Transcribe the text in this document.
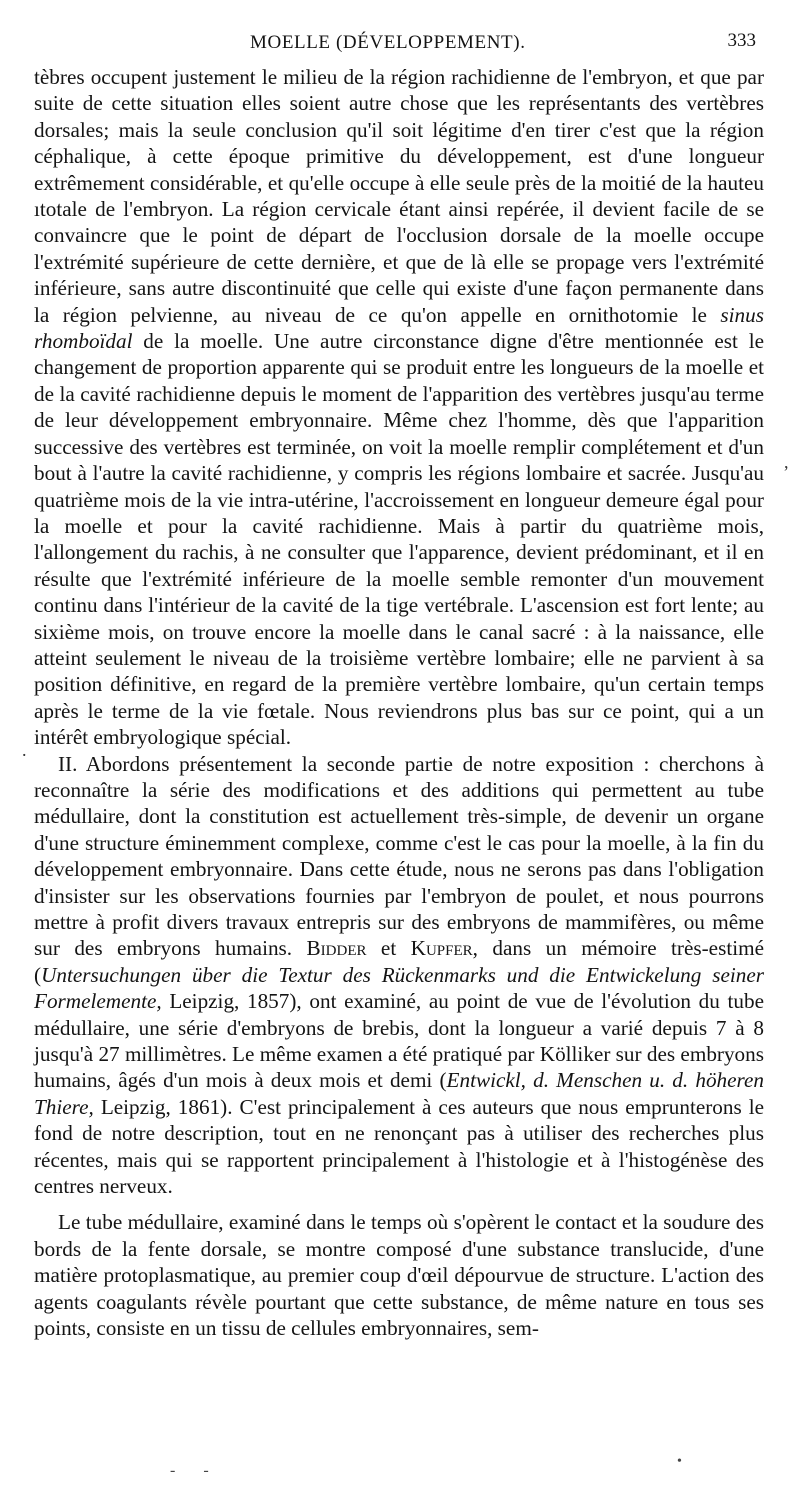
MOELLE (DÉVELOPPEMENT).	333

tèbres occupent justement le milieu de la région rachidienne de l'embryon, et que par suite de cette situation elles soient autre chose que les représentants des vertèbres dorsales; mais la seule conclusion qu'il soit légitime d'en tirer c'est que la région céphalique, à cette époque primitive du développement, est d'une longueur extrêmement considérable, et qu'elle occupe à elle seule près de la moitié de la hauteu ıtotale de l'embryon. La région cervicale étant ainsi repérée, il devient facile de se convaincre que le point de départ de l'occlusion dorsale de la moelle occupe l'extrémité supérieure de cette dernière, et que de là elle se propage vers l'extrémité inférieure, sans autre discontinuité que celle qui existe d'une façon permanente dans la région pelvienne, au niveau de ce qu'on appelle en ornithotomie le sinus rhomboïdal de la moelle. Une autre circonstance digne d'être mentionnée est le changement de proportion apparente qui se produit entre les longueurs de la moelle et de la cavité rachidienne depuis le moment de l'apparition des vertèbres jusqu'au terme de leur développement embryonnaire. Même chez l'homme, dès que l'apparition successive des vertèbres est terminée, on voit la moelle remplir complétement et d'un bout à l'autre la cavité rachidienne, y compris les régions lombaire et sacrée. Jusqu'au quatrième mois de la vie intra-utérine, l'accroissement en longueur demeure égal pour la moelle et pour la cavité rachidienne. Mais à partir du quatrième mois, l'allongement du rachis, à ne consulter que l'apparence, devient prédominant, et il en résulte que l'extrémité inférieure de la moelle semble remonter d'un mouvement continu dans l'intérieur de la cavité de la tige vertébrale. L'ascension est fort lente; au sixième mois, on trouve encore la moelle dans le canal sacré : à la naissance, elle atteint seulement le niveau de la troisième vertèbre lombaire; elle ne parvient à sa position définitive, en regard de la première vertèbre lombaire, qu'un certain temps après le terme de la vie fœtale. Nous reviendrons plus bas sur ce point, qui a un intérêt embryologique spécial.

II. Abordons présentement la seconde partie de notre exposition : cherchons à reconnaître la série des modifications et des additions qui permettent au tube médullaire, dont la constitution est actuellement très-simple, de devenir un organe d'une structure éminemment complexe, comme c'est le cas pour la moelle, à la fin du développement embryonnaire. Dans cette étude, nous ne serons pas dans l'obligation d'insister sur les observations fournies par l'embryon de poulet, et nous pourrons mettre à profit divers travaux entrepris sur des embryons de mammifères, ou même sur des embryons humains. Bidder et Kupfer, dans un mémoire très-estimé (Untersuchungen über die Textur des Rückenmarks und die Entwickelung seiner Formelemente, Leipzig, 1857), ont examiné, au point de vue de l'évolution du tube médullaire, une série d'embryons de brebis, dont la longueur a varié depuis 7 à 8 jusqu'à 27 millimètres. Le même examen a été pratiqué par Kölliker sur des embryons humains, âgés d'un mois à deux mois et demi (Entwickl, d. Menschen u. d. höheren Thiere, Leipzig, 1861). C'est principalement à ces auteurs que nous emprunterons le fond de notre description, tout en ne renonçant pas à utiliser des recherches plus récentes, mais qui se rapportent principalement à l'histologie et à l'histogénèse des centres nerveux.

Le tube médullaire, examiné dans le temps où s'opèrent le contact et la soudure des bords de la fente dorsale, se montre composé d'une substance translucide, d'une matière protoplasmatique, au premier coup d'œil dépourvue de structure. L'action des agents coagulants révèle pourtant que cette substance, de même nature en tous ses points, consiste en un tissu de cellules embryonnaires, sem-

,
.
‑‑
•
